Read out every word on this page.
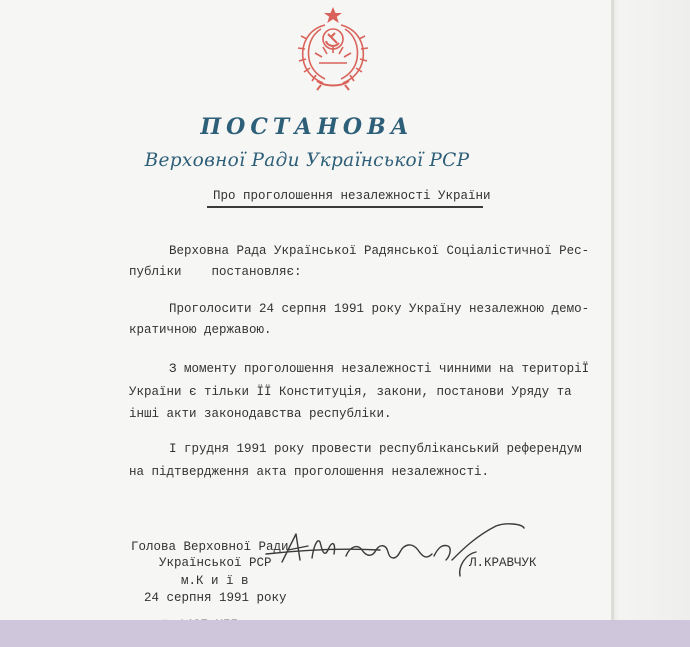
ПОСТАНОВА
Верховної Ради Української РСР
Про проголошення незалежності України
Верховна Рада Української Радянської Соціалістичної Рес-
публіки    постановляє:
Проголосити 24 серпня 1991 року Україну незалежною демо-
кратичною державою.
З моменту проголошення незалежності чинними на територіЇ
України є тільки ЇЇ Конституція, закони, постанови Уряду та
інші акти законодавства республіки.
I грудня 1991 року провести республіканський референдум
на підтвердження акта проголошення незалежності.
Голова Верховної Ради
Української РСР	Л.КРАВЧУК
м.К и ї в
24 серпня 1991 року
